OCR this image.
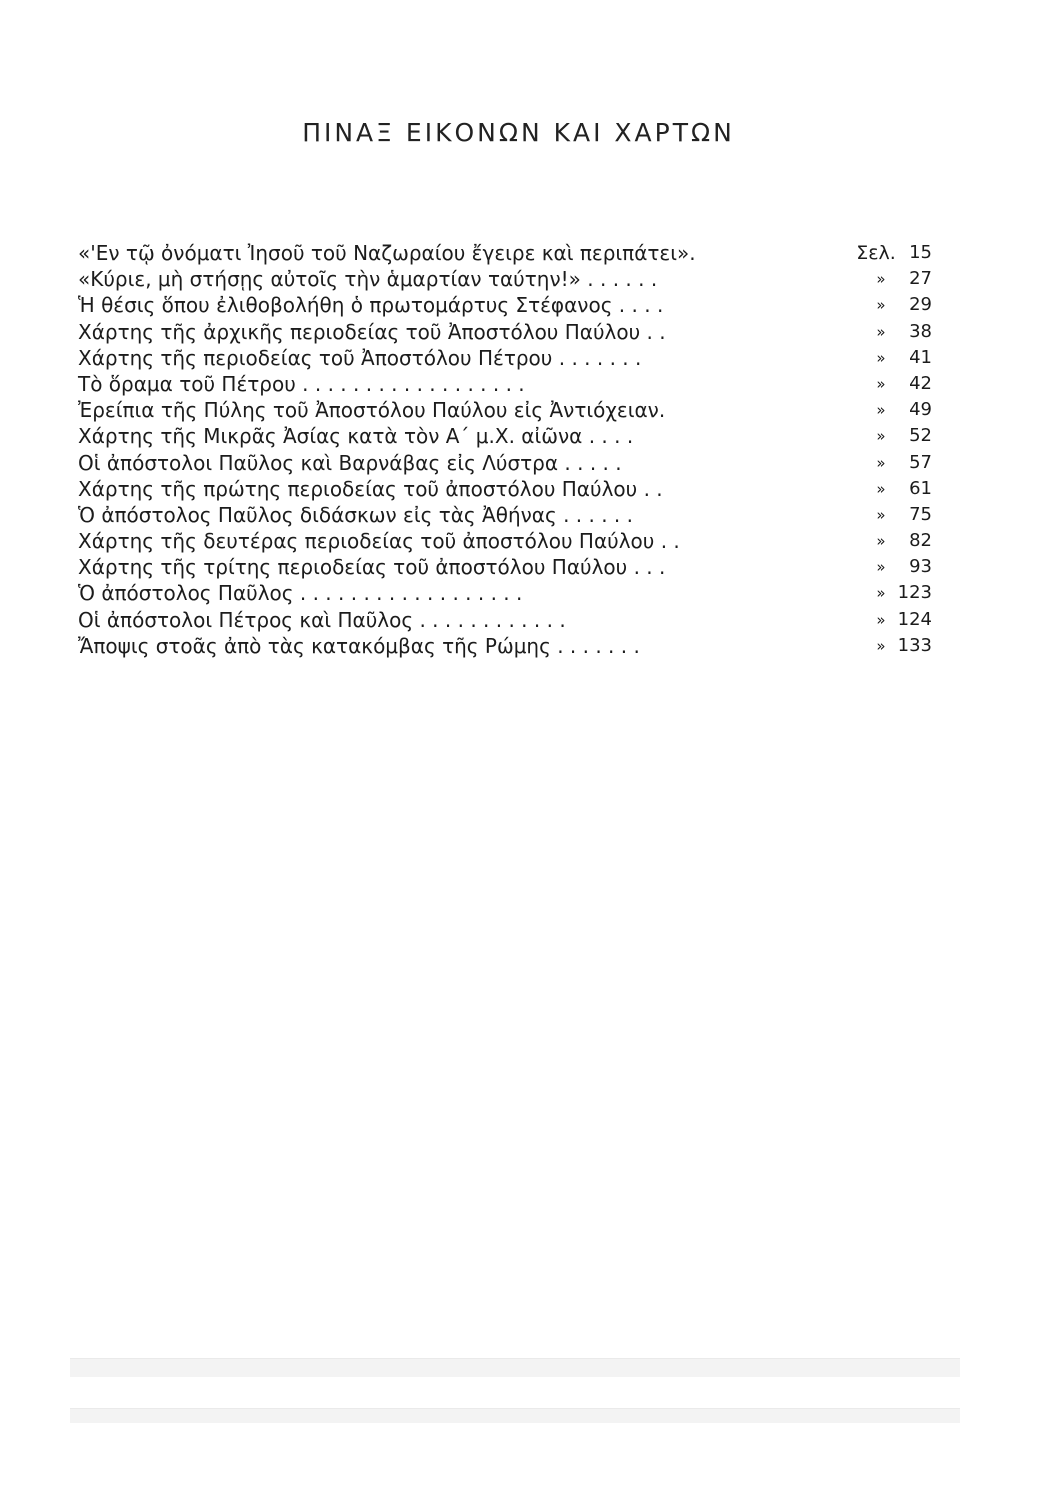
ΠΙΝΑΞ ΕΙΚΟΝΩΝ ΚΑΙ ΧΑΡΤΩΝ
«'Εν τῷ ὀνόματι Ἰησοῦ τοῦ Ναζωραίου ἔγειρε καὶ περιπάτει».	Σελ. 15
«Κύριε, μὴ στήσῃς αὐτοῖς τὴν ἁμαρτίαν ταύτην!» . . . . . .	»	27
Ἡ θέσις ὅπου ἐλιθοβολήθη ὁ πρωτομάρτυς Στέφανος . . . .	»	29
Χάρτης τῆς ἀρχικῆς περιοδείας τοῦ Ἀποστόλου Παύλου . .	»	38
Χάρτης τῆς περιοδείας τοῦ Ἀποστόλου Πέτρου . . . . . . .	»	41
Τὸ ὅραμα τοῦ Πέτρου . . . . . . . . . . . . . . . . . .	»	42
Ἐρείπια τῆς Πύλης τοῦ Ἀποστόλου Παύλου εἰς Ἀντιόχειαν.	»	49
Χάρτης τῆς Μικρᾶς Ἀσίας κατὰ τὸν Α΄ μ.Χ. αἰῶνα . . . .	»	52
Οἱ ἀπόστολοι Παῦλος καὶ Βαρνάβας εἰς Λύστρα . . . . .	»	57
Χάρτης τῆς πρώτης περιοδείας τοῦ ἀποστόλου Παύλου . .	»	61
Ὁ ἀπόστολος Παῦλος διδάσκων εἰς τὰς Ἀθήνας . . . . . .	»	75
Χάρτης τῆς δευτέρας περιοδείας τοῦ ἀποστόλου Παύλου . .	»	82
Χάρτης τῆς τρίτης περιοδείας τοῦ ἀποστόλου Παύλου . . .	»	93
Ὁ ἀπόστολος Παῦλος . . . . . . . . . . . . . . . . . .	» 123
Οἱ ἀπόστολοι Πέτρος καὶ Παῦλος . . . . . . . . . . . .	» 124
Ἄποψις στοᾶς ἀπὸ τὰς κατακόμβας τῆς Ρώμης . . . . . . .	» 133
